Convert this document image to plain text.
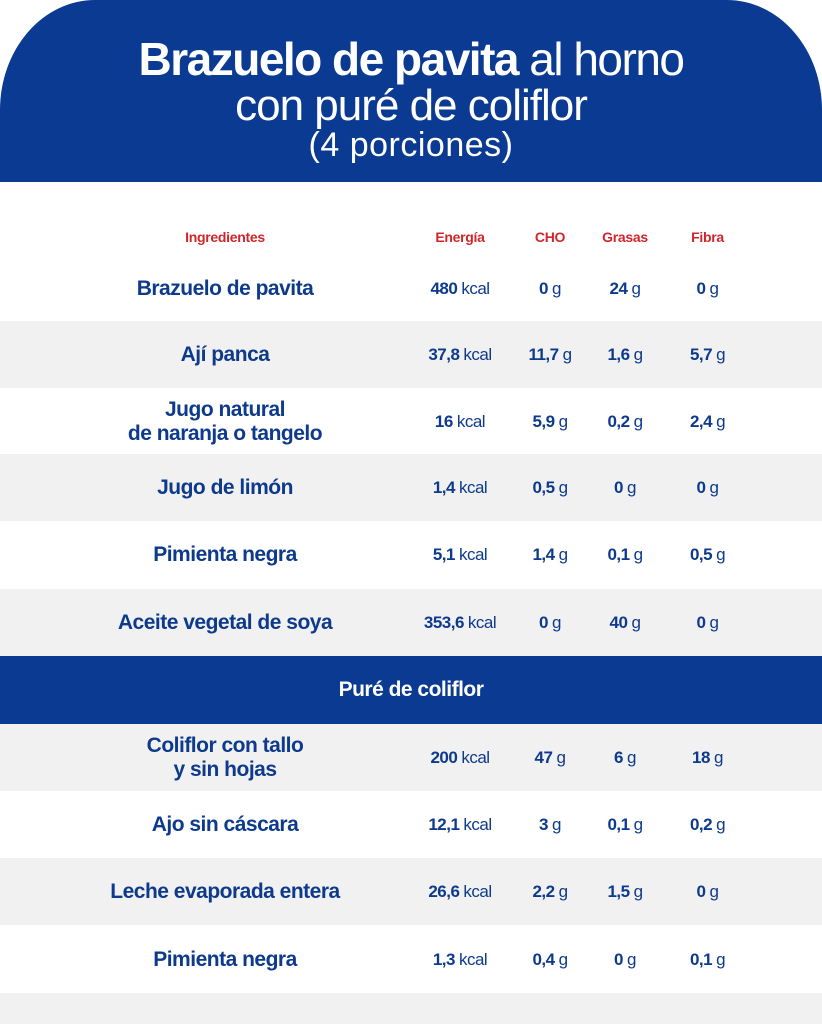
Brazuelo de pavita al horno
con puré de coliflor
(4 porciones)
Ingredientes	Energía	CHO	Grasas	Fibra
Brazuelo de pavita	480 kcal	0 g	24 g	0 g
Ají panca	37,8 kcal 11,7 g 1,6 g	5,7 g
Jugo natural
de naranja o tangelo
16 kcal	5,9 g 0,2 g	2,4 g
Jugo de limón	1,4 kcal	0,5 g	0 g	0 g
Pimienta negra	5,1 kcal	1,4 g 0,1 g	0,5 g
Aceite vegetal de soya	353,6 kcal	0 g	40 g	0 g
Puré de coliflor
Coliflor con tallo
y sin hojas
200 kcal	47 g	6 g	18 g
Ajo sin cáscara	12,1 kcal	3 g	0,1 g	0,2 g
Leche evaporada entera	26,6 kcal 2,2 g 1,5 g	0 g
Pimienta negra	1,3 kcal	0,4 g	0 g	0,1 g
